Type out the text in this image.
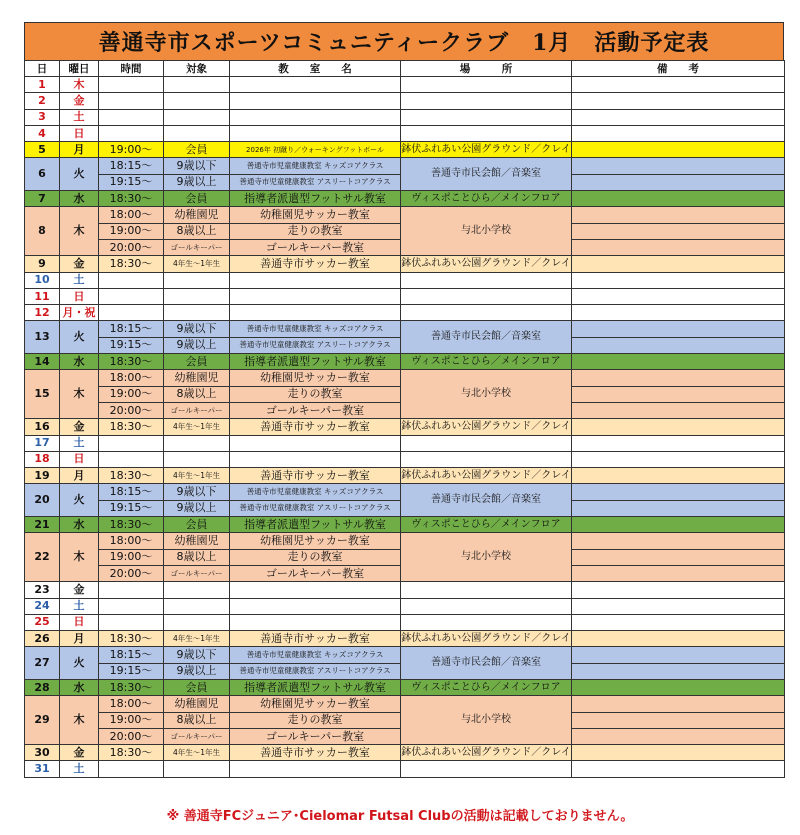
善通寺市スポーツコミュニティークラブ　1月　活動予定表
日	曜日	時間	対象	教　　室　　名	場　　　所	備　　考
1	木					
2	金					
3	土					
4	日					
5	月	19:00～	会員	2026年 初蹴り／ウォーキングフットボール	鉢伏ふれあい公園グラウンド／クレイ	
6	火	18:15～	9歳以下	善通寺市児童健康教室 キッズコアクラス	善通寺市民会館／音楽室	
		19:15～	9歳以上	善通寺市児童健康教室 アスリートコアクラス		
7	水	18:30～	会員	指導者派遣型フットサル教室	ヴィスポことひら／メインフロア	
8	木	18:00～	幼稚園児	幼稚園児サッカー教室	与北小学校	
		19:00～	8歳以上	走りの教室		
		20:00～	ゴールキーパー	ゴールキーパー教室		
9	金	18:30～	4年生～1年生	善通寺市サッカー教室	鉢伏ふれあい公園グラウンド／クレイ	
10	土					
11	日					
12	月・祝					
13	火	18:15～	9歳以下	善通寺市児童健康教室 キッズコアクラス	善通寺市民会館／音楽室	
		19:15～	9歳以上	善通寺市児童健康教室 アスリートコアクラス		
14	水	18:30～	会員	指導者派遣型フットサル教室	ヴィスポことひら／メインフロア	
15	木	18:00～	幼稚園児	幼稚園児サッカー教室	与北小学校	
		19:00～	8歳以上	走りの教室		
		20:00～	ゴールキーパー	ゴールキーパー教室		
16	金	18:30～	4年生～1年生	善通寺市サッカー教室	鉢伏ふれあい公園グラウンド／クレイ	
17	土					
18	日					
19	月	18:30～	4年生～1年生	善通寺市サッカー教室	鉢伏ふれあい公園グラウンド／クレイ	
20	火	18:15～	9歳以下	善通寺市児童健康教室 キッズコアクラス	善通寺市民会館／音楽室	
		19:15～	9歳以上	善通寺市児童健康教室 アスリートコアクラス		
21	水	18:30～	会員	指導者派遣型フットサル教室	ヴィスポことひら／メインフロア	
22	木	18:00～	幼稚園児	幼稚園児サッカー教室	与北小学校	
		19:00～	8歳以上	走りの教室		
		20:00～	ゴールキーパー	ゴールキーパー教室		
23	金					
24	土					
25	日					
26	月	18:30～	4年生～1年生	善通寺市サッカー教室	鉢伏ふれあい公園グラウンド／クレイ	
27	火	18:15～	9歳以下	善通寺市児童健康教室 キッズコアクラス	善通寺市民会館／音楽室	
		19:15～	9歳以上	善通寺市児童健康教室 アスリートコアクラス		
28	水	18:30～	会員	指導者派遣型フットサル教室	ヴィスポことひら／メインフロア	
29	木	18:00～	幼稚園児	幼稚園児サッカー教室	与北小学校	
		19:00～	8歳以上	走りの教室		
		20:00～	ゴールキーパー	ゴールキーパー教室		
30	金	18:30～	4年生～1年生	善通寺市サッカー教室	鉢伏ふれあい公園グラウンド／クレイ	
31	土					
※ 善通寺FCジュニア･Cielomar Futsal Clubの活動は記載しておりません。
